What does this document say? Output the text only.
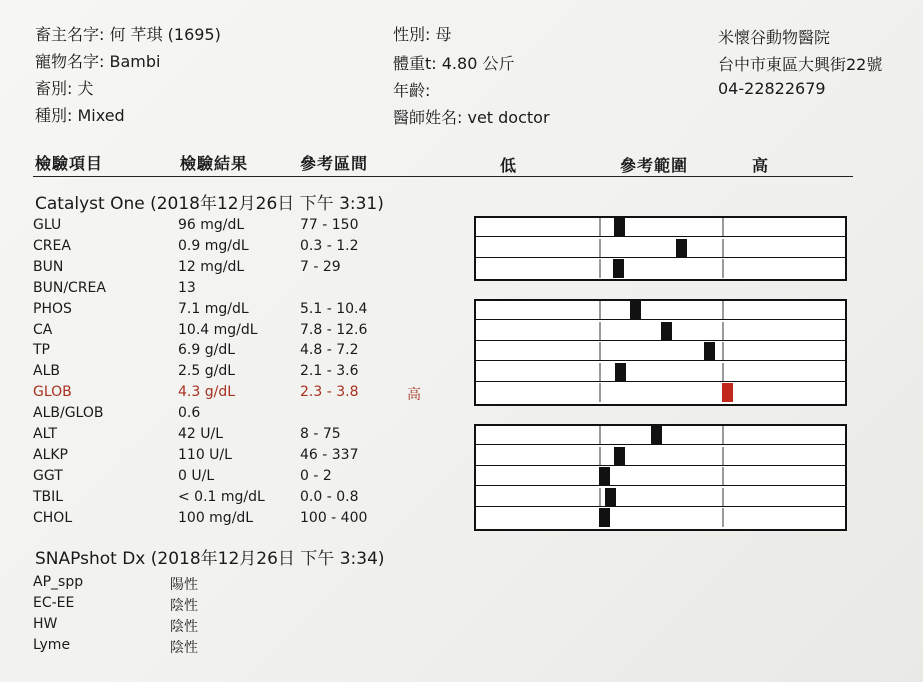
畜主名字: 何 芊琪 (1695)
寵物名字: Bambi
畜別: 犬
種別: Mixed
性別: 母
體重t: 4.80 公斤
年齡:
醫師姓名: vet doctor
米懷谷動物醫院
台中市東區大興街22號
04-22822679
檢驗項目	檢驗結果	參考區間	低	參考範圍	高
Catalyst One (2018年12月26日 下午 3:31)
GLU	96 mg/dL	77 - 150
CREA	0.9 mg/dL	0.3 - 1.2
BUN	12 mg/dL	7 - 29
BUN/CREA	13
PHOS	7.1 mg/dL	5.1 - 10.4
CA	10.4 mg/dL	7.8 - 12.6
TP	6.9 g/dL	4.8 - 7.2
ALB	2.5 g/dL	2.1 - 3.6
GLOB	4.3 g/dL	2.3 - 3.8	高
ALB/GLOB	0.6
ALT	42 U/L	8 - 75
ALKP	110 U/L	46 - 337
GGT	0 U/L	0 - 2
TBIL	< 0.1 mg/dL	0.0 - 0.8
CHOL	100 mg/dL	100 - 400
SNAPshot Dx (2018年12月26日 下午 3:34)
AP_spp	陽性
EC-EE	陰性
HW	陰性
Lyme	陰性
